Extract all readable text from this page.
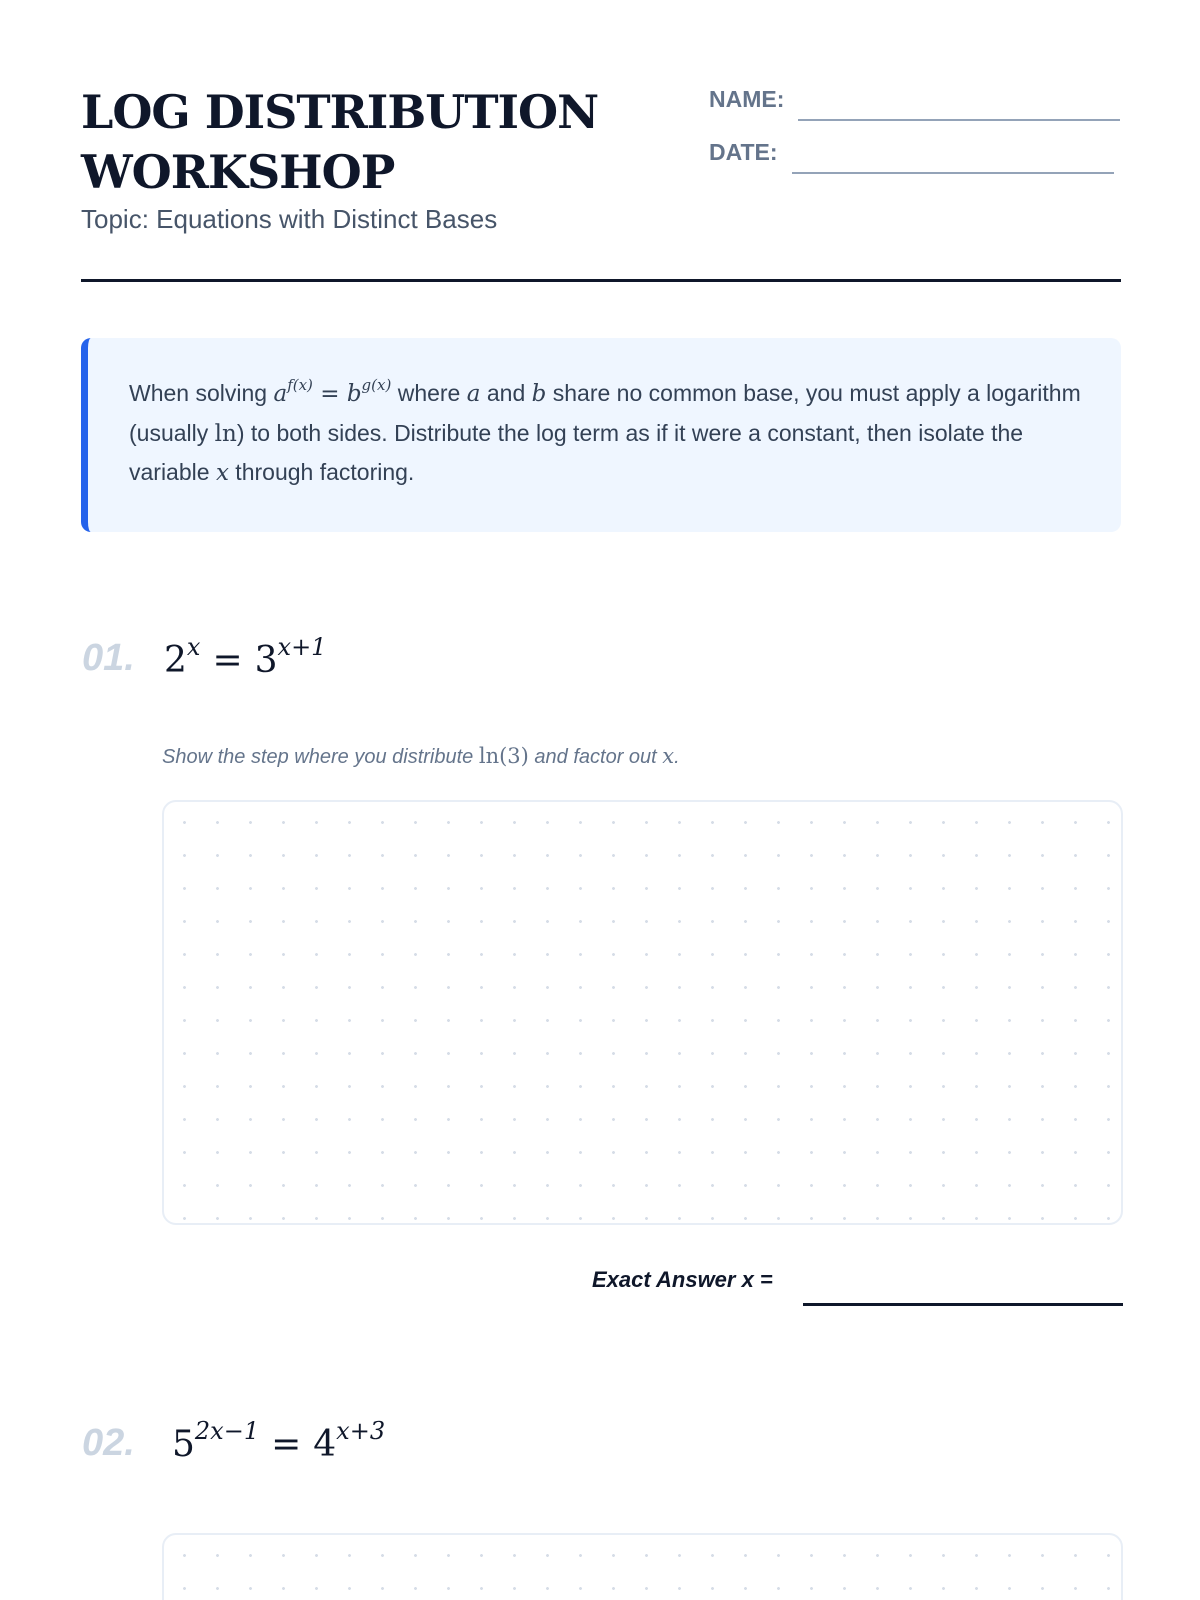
LOG DISTRIBUTION WORKSHOP
Topic: Equations with Distinct Bases
NAME:
DATE:

When solving $a^{f(x)} = b^{g(x)}$ where a and b share no common base, you must apply a logarithm (usually ln) to both sides. Distribute the log term as if it were a constant, then isolate the variable x through factoring.

01. $2^x = 3^{x+1}$
Show the step where you distribute ln(3) and factor out x.
Exact Answer x =
02. $5^{2x-1} = 4^{x+3}$
